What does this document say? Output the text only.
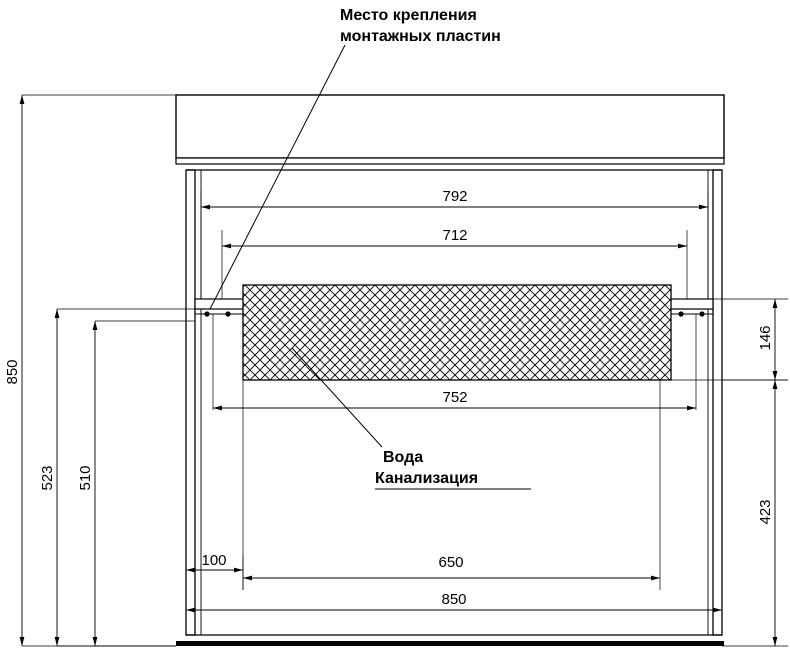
Место крепления
монтажных пластин
Вода
Канализация
850
523 510
146
423
792
712
752
100	650
850
